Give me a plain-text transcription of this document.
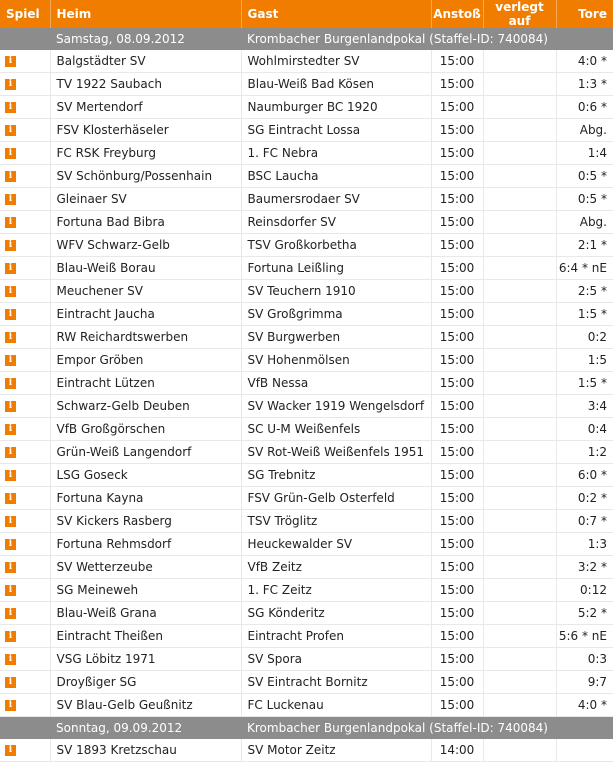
Spiel	Heim	Gast	Anstoß	verlegt auf	Tore
	Samstag, 08.09.2012	Krombacher Burgenlandpokal (Staffel-ID: 740084)			
i	Balgstädter SV	Wohlmirstedter SV	15:00		4:0 *
i	TV 1922 Saubach	Blau-Weiß Bad Kösen	15:00		1:3 *
i	SV Mertendorf	Naumburger BC 1920	15:00		0:6 *
i	FSV Klosterhäseler	SG Eintracht Lossa	15:00		Abg.
i	FC RSK Freyburg	1. FC Nebra	15:00		1:4
i	SV Schönburg/Possenhain	BSC Laucha	15:00		0:5 *
i	Gleinaer SV	Baumersrodaer SV	15:00		0:5 *
i	Fortuna Bad Bibra	Reinsdorfer SV	15:00		Abg.
i	WFV Schwarz-Gelb	TSV Großkorbetha	15:00		2:1 *
i	Blau-Weiß Borau	Fortuna Leißling	15:00		6:4 * nE
i	Meuchener SV	SV Teuchern 1910	15:00		2:5 *
i	Eintracht Jaucha	SV Großgrimma	15:00		1:5 *
i	RW Reichardtswerben	SV Burgwerben	15:00		0:2
i	Empor Gröben	SV Hohenmölsen	15:00		1:5
i	Eintracht Lützen	VfB Nessa	15:00		1:5 *
i	Schwarz-Gelb Deuben	SV Wacker 1919 Wengelsdorf	15:00		3:4
i	VfB Großgörschen	SC U-M Weißenfels	15:00		0:4
i	Grün-Weiß Langendorf	SV Rot-Weiß Weißenfels 1951	15:00		1:2
i	LSG Goseck	SG Trebnitz	15:00		6:0 *
i	Fortuna Kayna	FSV Grün-Gelb Osterfeld	15:00		0:2 *
i	SV Kickers Rasberg	TSV Tröglitz	15:00		0:7 *
i	Fortuna Rehmsdorf	Heuckewalder SV	15:00		1:3
i	SV Wetterzeube	VfB Zeitz	15:00		3:2 *
i	SG Meineweh	1. FC Zeitz	15:00		0:12
i	Blau-Weiß Grana	SG Könderitz	15:00		5:2 *
i	Eintracht Theißen	Eintracht Profen	15:00		5:6 * nE
i	VSG Löbitz 1971	SV Spora	15:00		0:3
i	Droyßiger SG	SV Eintracht Bornitz	15:00		9:7
i	SV Blau-Gelb Geußnitz	FC Luckenau	15:00		4:0 *
	Sonntag, 09.09.2012	Krombacher Burgenlandpokal (Staffel-ID: 740084)			
i	SV 1893 Kretzschau	SV Motor Zeitz	14:00		
